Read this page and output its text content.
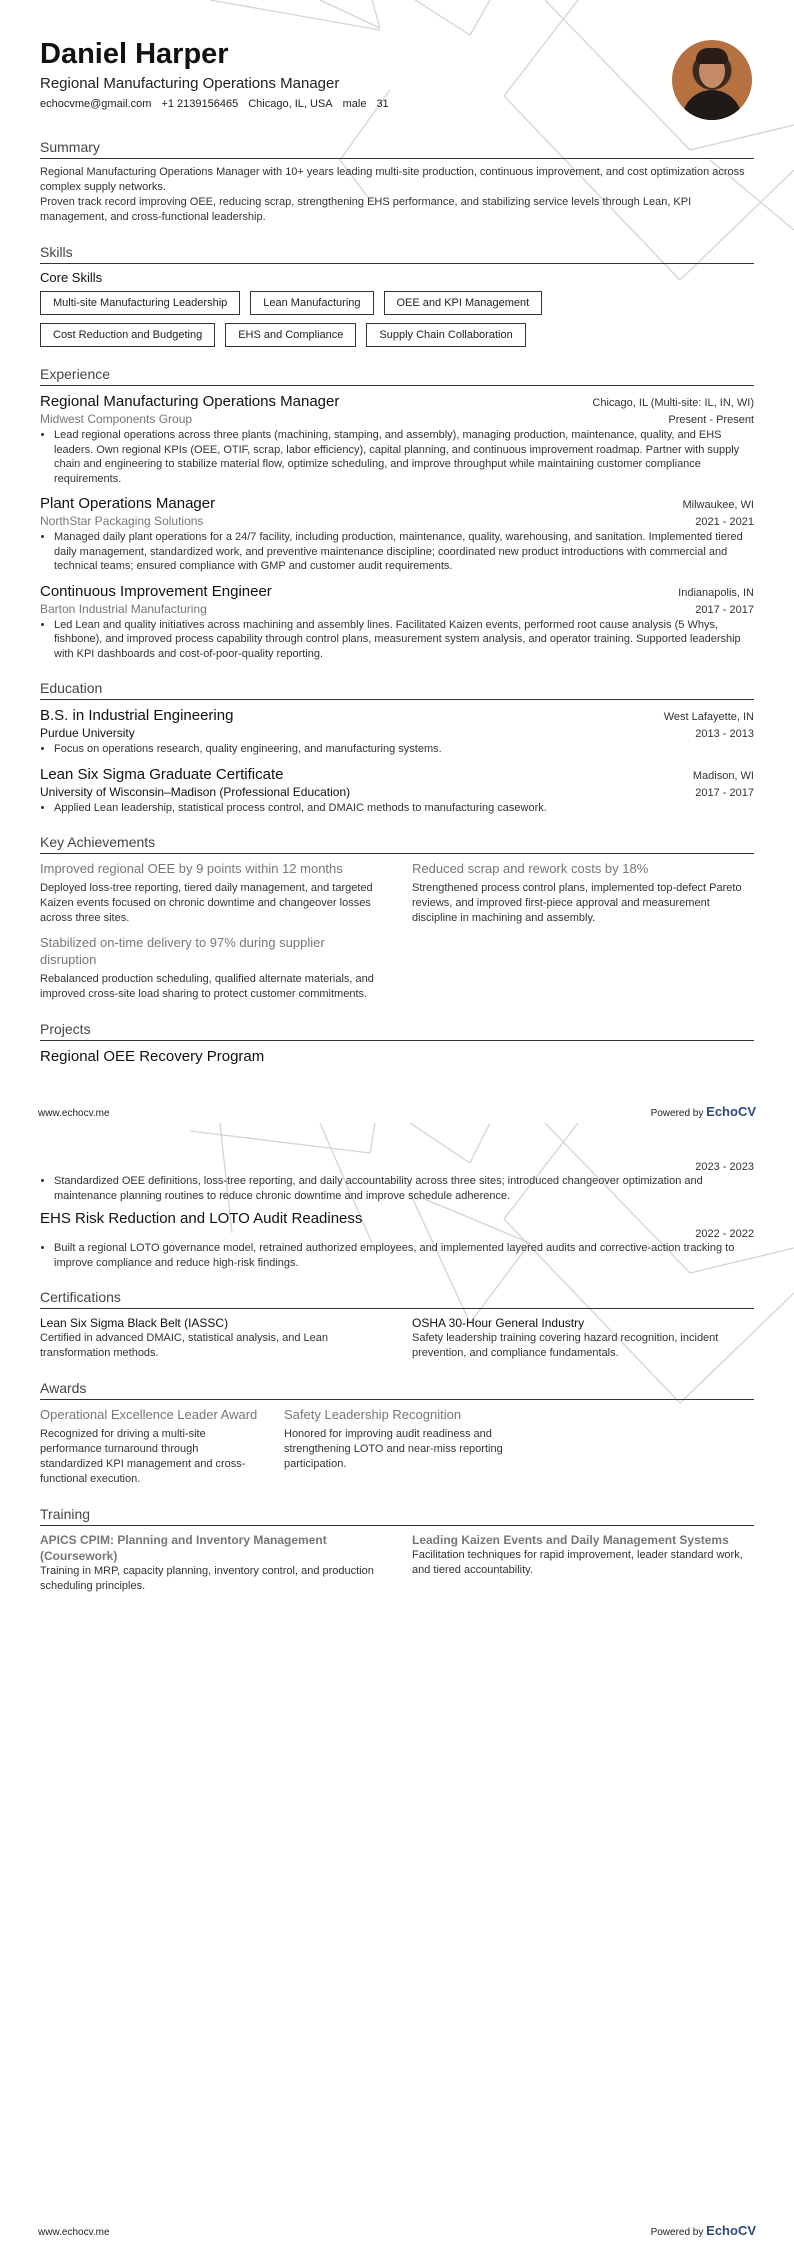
Daniel Harper
Regional Manufacturing Operations Manager
echocvme@gmail.com +1 2139156465 Chicago, IL, USA male 31
Summary

Regional Manufacturing Operations Manager with 10+ years leading multi-site production, continuous improvement, and cost optimization across complex supply networks.

Proven track record improving OEE, reducing scrap, strengthening EHS performance, and stabilizing service levels through Lean, KPI management, and cross-functional leadership.

Skills
Core Skills
Multi-site Manufacturing Leadership	Lean Manufacturing	OEE and KPI Management
Cost Reduction and Budgeting	EHS and Compliance	Supply Chain Collaboration
Experience
Regional Manufacturing Operations Manager	Chicago, IL (Multi-site: IL, IN, WI)
Midwest Components Group	Present - Present
• Lead regional operations across three plants (machining, stamping, and assembly), managing production, maintenance, quality, and EHS leaders. Own regional KPIs (OEE, OTIF, scrap, labor efficiency), capital planning, and continuous improvement roadmap. Partner with supply chain and engineering to stabilize material flow, optimize scheduling, and improve throughput while maintaining customer compliance requirements.
Plant Operations Manager	Milwaukee, WI
NorthStar Packaging Solutions	2021 - 2021
• Managed daily plant operations for a 24/7 facility, including production, maintenance, quality, warehousing, and sanitation. Implemented tiered daily management, standardized work, and preventive maintenance discipline; coordinated new product introductions with commercial and technical teams; ensured compliance with GMP and customer audit requirements.
Continuous Improvement Engineer	Indianapolis, IN
Barton Industrial Manufacturing	2017 - 2017
• Led Lean and quality initiatives across machining and assembly lines. Facilitated Kaizen events, performed root cause analysis (5 Whys, fishbone), and improved process capability through control plans, measurement system analysis, and operator training. Supported leadership with KPI dashboards and cost-of-poor-quality reporting.
Education
B.S. in Industrial Engineering	West Lafayette, IN
Purdue University	2013 - 2013
• Focus on operations research, quality engineering, and manufacturing systems.
Lean Six Sigma Graduate Certificate	Madison, WI
University of Wisconsin–Madison (Professional Education)	2017 - 2017
• Applied Lean leadership, statistical process control, and DMAIC methods to manufacturing casework.
Key Achievements
Improved regional OEE by 9 points within 12 months
Deployed loss-tree reporting, tiered daily management, and targeted Kaizen events focused on chronic downtime and changeover losses across three sites.
Reduced scrap and rework costs by 18%
Strengthened process control plans, implemented top-defect Pareto reviews, and improved first-piece approval and measurement discipline in machining and assembly.
Stabilized on-time delivery to 97% during supplier disruption
Rebalanced production scheduling, qualified alternate materials, and improved cross-site load sharing to protect customer commitments.
Projects
Regional OEE Recovery Program
www.echocv.me	Powered by EchoCV
2023 - 2023
• Standardized OEE definitions, loss-tree reporting, and daily accountability across three sites; introduced changeover optimization and maintenance planning routines to reduce chronic downtime and improve schedule adherence.
EHS Risk Reduction and LOTO Audit Readiness
2022 - 2022
• Built a regional LOTO governance model, retrained authorized employees, and implemented layered audits and corrective-action tracking to improve compliance and reduce high-risk findings.
Certifications
Lean Six Sigma Black Belt (IASSC)
Certified in advanced DMAIC, statistical analysis, and Lean transformation methods.
OSHA 30-Hour General Industry
Safety leadership training covering hazard recognition, incident prevention, and compliance fundamentals.
Awards
Operational Excellence Leader Award
Recognized for driving a multi-site performance turnaround through standardized KPI management and cross-functional execution.
Safety Leadership Recognition
Honored for improving audit readiness and strengthening LOTO and near-miss reporting participation.
Training
APICS CPIM: Planning and Inventory Management (Coursework)
Training in MRP, capacity planning, inventory control, and production scheduling principles.
Leading Kaizen Events and Daily Management Systems
Facilitation techniques for rapid improvement, leader standard work, and tiered accountability.
www.echocv.me	Powered by EchoCV
